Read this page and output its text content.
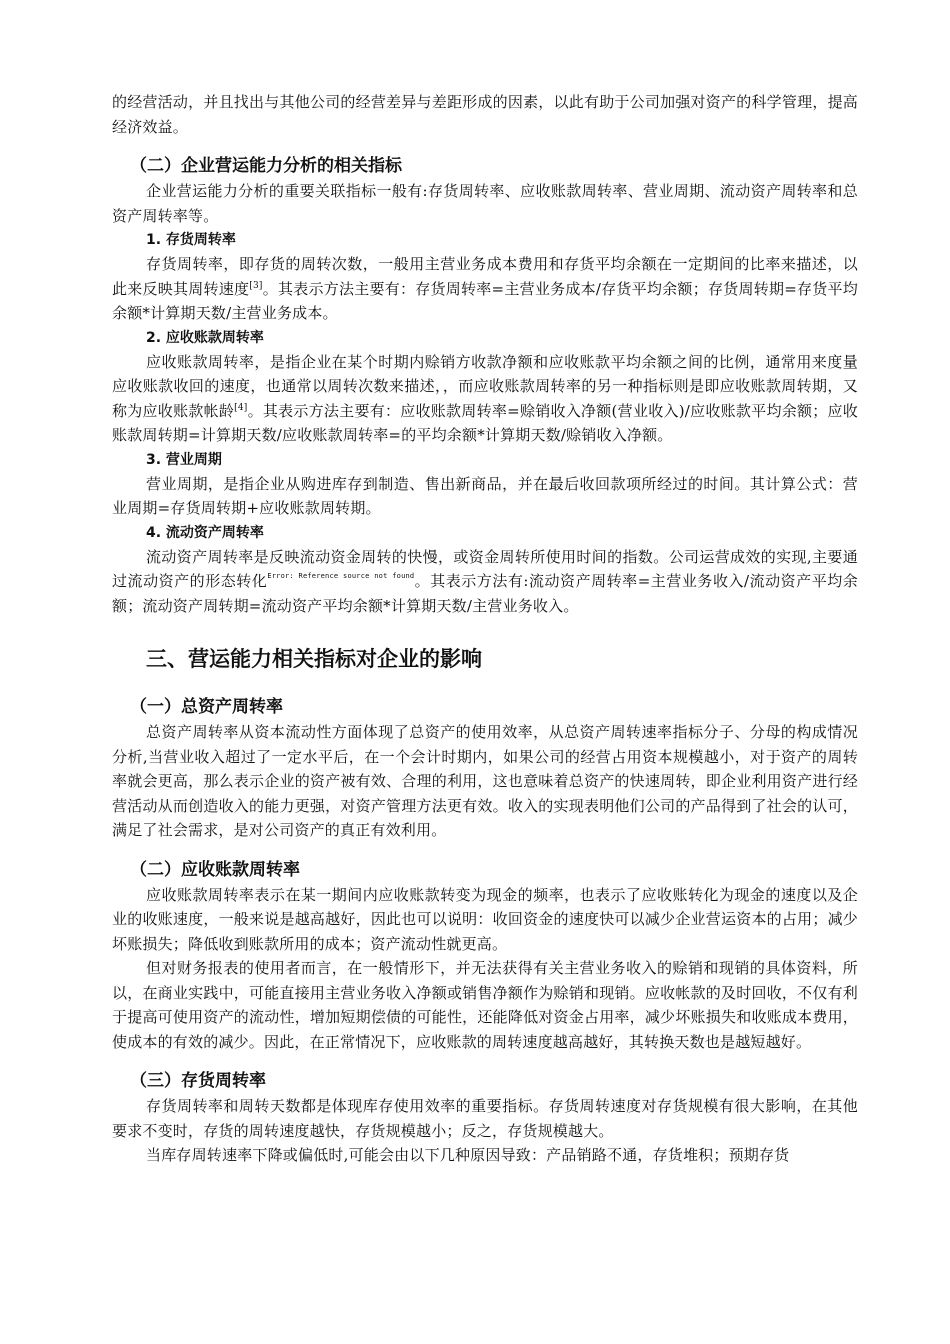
的经营活动，并且找出与其他公司的经营差异与差距形成的因素，以此有助于公司加强对资产的科学管理，提高经济效益。

（二）企业营运能力分析的相关指标

企业营运能力分析的重要关联指标一般有:存货周转率、应收账款周转率、营业周期、流动资产周转率和总资产周转率等。

1. 存货周转率

存货周转率，即存货的周转次数，一般用主营业务成本费用和存货平均余额在一定期间的比率来描述，以此来反映其周转速度[3]。其表示方法主要有：存货周转率=主营业务成本/存货平均余额；存货周转期=存货平均余额*计算期天数/主营业务成本。

2. 应收账款周转率

应收账款周转率，是指企业在某个时期内赊销方收款净额和应收账款平均余额之间的比例，通常用来度量应收账款收回的速度，也通常以周转次数来描述，，而应收账款周转率的另一种指标则是即应收账款周转期，又称为应收账款帐龄[4]。其表示方法主要有：应收账款周转率=赊销收入净额(营业收入)/应收账款平均余额；应收账款周转期=计算期天数/应收账款周转率=的平均余额*计算期天数/赊销收入净额。

3. 营业周期

营业周期，是指企业从购进库存到制造、售出新商品，并在最后收回款项所经过的时间。其计算公式：营业周期=存货周转期+应收账款周转期。

4. 流动资产周转率

流动资产周转率是反映流动资金周转的快慢，或资金周转所使用时间的指数。公司运营成效的实现,主要通过流动资产的形态转化$^{Error: Reference source not found}$。其表示方法有:流动资产周转率=主营业务收入/流动资产平均余额；流动资产周转期=流动资产平均余额*计算期天数/主营业务收入。

三、营运能力相关指标对企业的影响
（一）总资产周转率

总资产周转率从资本流动性方面体现了总资产的使用效率，从总资产周转速率指标分子、分母的构成情况分析,当营业收入超过了一定水平后，在一个会计时期内，如果公司的经营占用资本规模越小，对于资产的周转率就会更高，那么表示企业的资产被有效、合理的利用，这也意味着总资产的快速周转，即企业利用资产进行经营活动从而创造收入的能力更强，对资产管理方法更有效。收入的实现表明他们公司的产品得到了社会的认可，满足了社会需求，是对公司资产的真正有效利用。

（二）应收账款周转率

应收账款周转率表示在某一期间内应收账款转变为现金的频率，也表示了应收账转化为现金的速度以及企业的收账速度，一般来说是越高越好，因此也可以说明：收回资金的速度快可以减少企业营运资本的占用；减少坏账损失；降低收到账款所用的成本；资产流动性就更高。

但对财务报表的使用者而言，在一般情形下，并无法获得有关主营业务收入的赊销和现销的具体资料，所以，在商业实践中，可能直接用主营业务收入净额或销售净额作为赊销和现销。应收帐款的及时回收，不仅有利于提高可使用资产的流动性，增加短期偿债的可能性，还能降低对资金占用率，减少坏账损失和收账成本费用，使成本的有效的减少。因此，在正常情况下，应收账款的周转速度越高越好，其转换天数也是越短越好。

（三）存货周转率

存货周转率和周转天数都是体现库存使用效率的重要指标。存货周转速度对存货规模有很大影响，在其他要求不变时，存货的周转速度越快，存货规模越小；反之，存货规模越大。

当库存周转速率下降或偏低时,可能会由以下几种原因导致：产品销路不通，存货堆积；预期存货
